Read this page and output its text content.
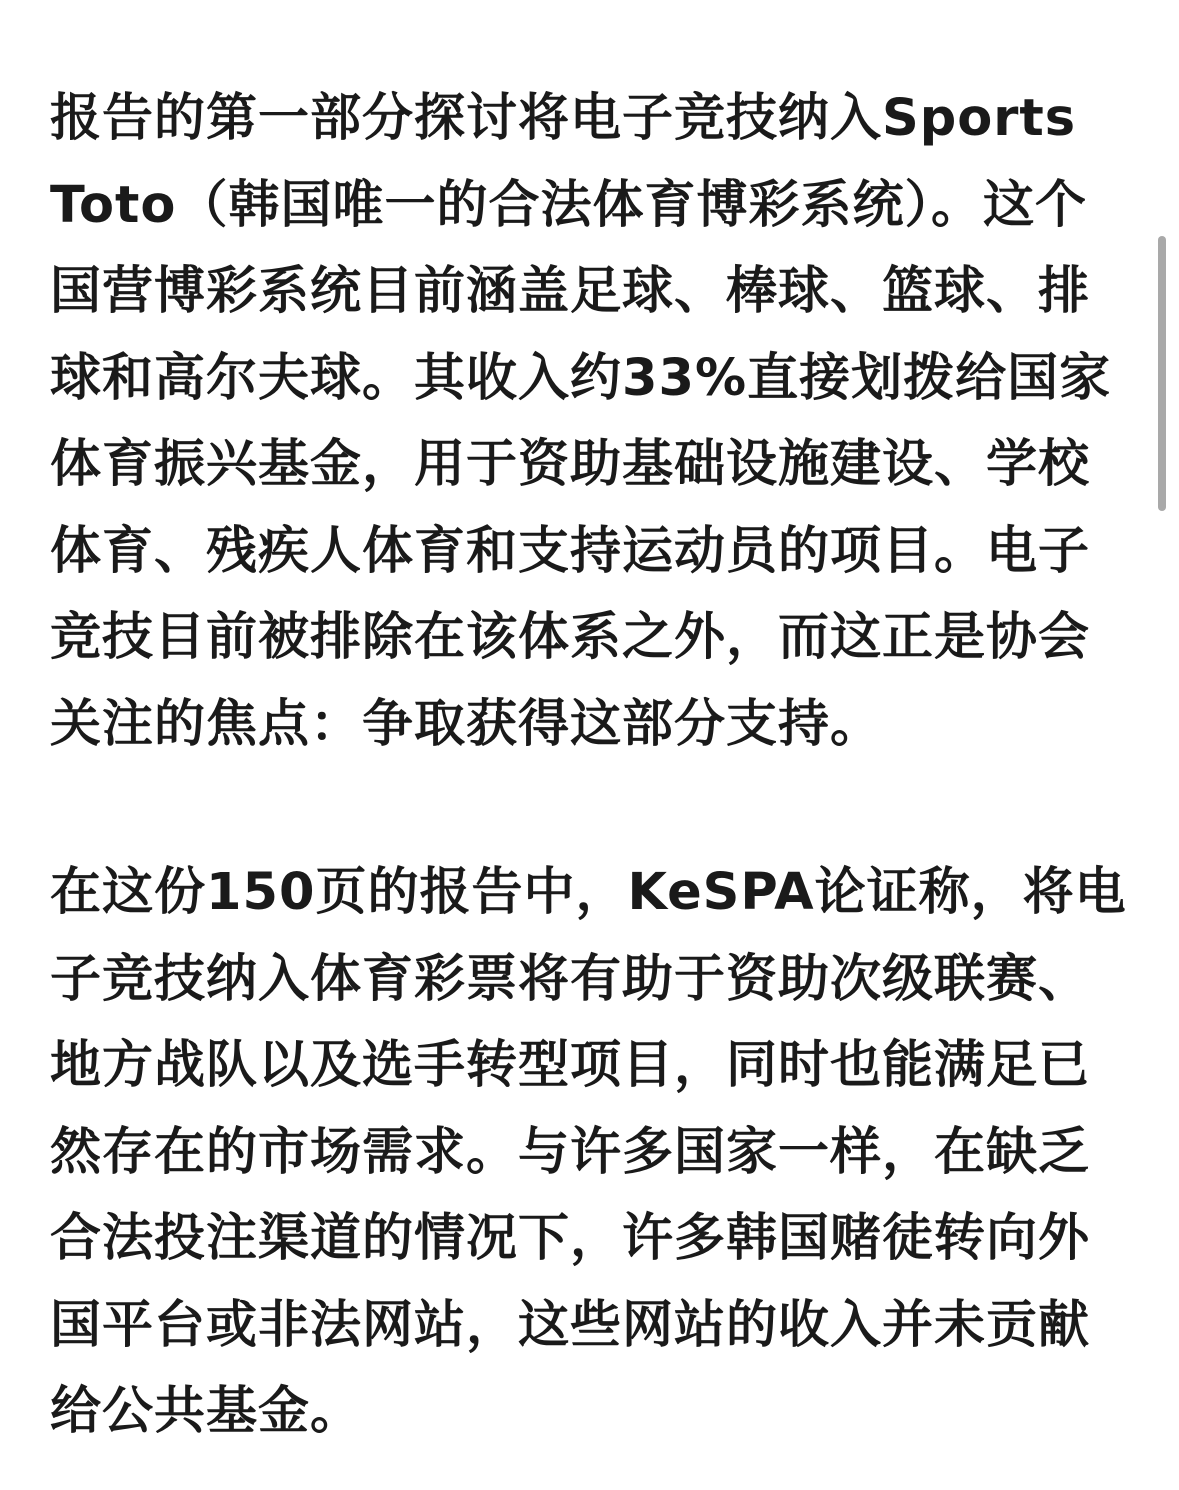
报告的第一部分探讨将电子竞技纳入Sports Toto（韩国唯一的合法体育博彩系统）。这个国营博彩系统目前涵盖足球、棒球、篮球、排球和高尔夫球。其收入约33%直接划拨给国家体育振兴基金，用于资助基础设施建设、学校体育、残疾人体育和支持运动员的项目。电子竞技目前被排除在该体系之外，而这正是协会关注的焦点：争取获得这部分支持。

在这份150页的报告中，KeSPA论证称，将电子竞技纳入体育彩票将有助于资助次级联赛、地方战队以及选手转型项目，同时也能满足已然存在的市场需求。与许多国家一样，在缺乏合法投注渠道的情况下，许多韩国赌徒转向外国平台或非法网站，这些网站的收入并未贡献给公共基金。
